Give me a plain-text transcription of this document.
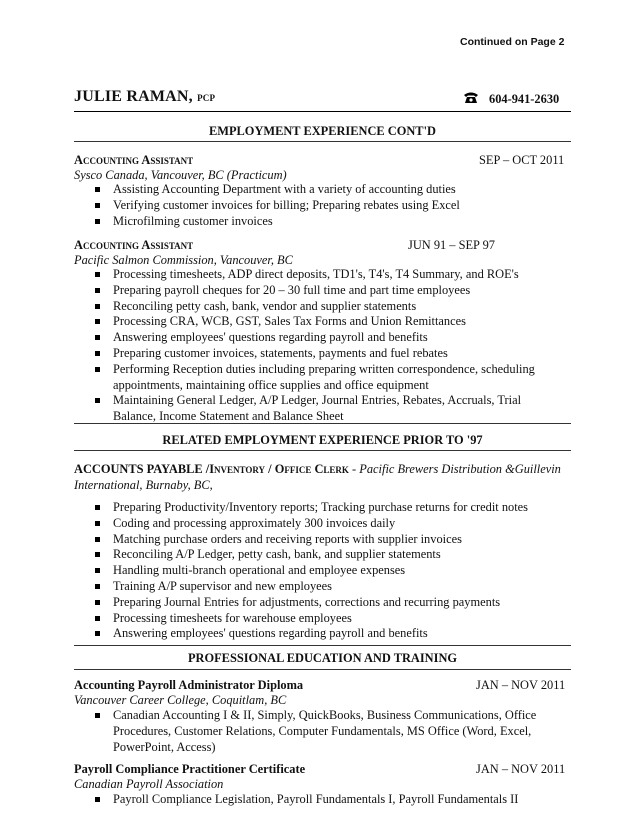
Continued on Page 2
JULIE RAMAN, PCP	604-941-2630
EMPLOYMENT EXPERIENCE CONT'D
Accounting Assistant	SEP – OCT 2011
Sysco Canada, Vancouver, BC (Practicum)
Assisting Accounting Department with a variety of accounting duties
Verifying customer invoices for billing; Preparing rebates using Excel
Microfilming customer invoices
Accounting Assistant	JUN 91 – SEP 97
Pacific Salmon Commission, Vancouver, BC
Processing timesheets, ADP direct deposits, TD1's, T4's, T4 Summary, and ROE's
Preparing payroll cheques for 20 – 30 full time and part time employees
Reconciling petty cash, bank, vendor and supplier statements
Processing CRA, WCB, GST, Sales Tax Forms and Union Remittances
Answering employees' questions regarding payroll and benefits
Preparing customer invoices, statements, payments and fuel rebates
Performing Reception duties including preparing written correspondence, scheduling
appointments, maintaining office supplies and office equipment
Maintaining General Ledger, A/P Ledger, Journal Entries, Rebates, Accruals, Trial
Balance, Income Statement and Balance Sheet
RELATED EMPLOYMENT EXPERIENCE PRIOR TO '97
ACCOUNTS PAYABLE /Inventory / Office Clerk - Pacific Brewers Distribution &Guillevin
International, Burnaby, BC,
Preparing Productivity/Inventory reports; Tracking purchase returns for credit notes
Coding and processing approximately 300 invoices daily
Matching purchase orders and receiving reports with supplier invoices
Reconciling A/P Ledger, petty cash, bank, and supplier statements
Handling multi-branch operational and employee expenses
Training A/P supervisor and new employees
Preparing Journal Entries for adjustments, corrections and recurring payments
Processing timesheets for warehouse employees
Answering employees' questions regarding payroll and benefits
PROFESSIONAL EDUCATION AND TRAINING
Accounting Payroll Administrator Diploma	JAN – NOV 2011
Vancouver Career College, Coquitlam, BC
Canadian Accounting I & II, Simply, QuickBooks, Business Communications, Office
Procedures, Customer Relations, Computer Fundamentals, MS Office (Word, Excel,
PowerPoint, Access)
Payroll Compliance Practitioner Certificate	JAN – NOV 2011
Canadian Payroll Association
Payroll Compliance Legislation, Payroll Fundamentals I, Payroll Fundamentals II
